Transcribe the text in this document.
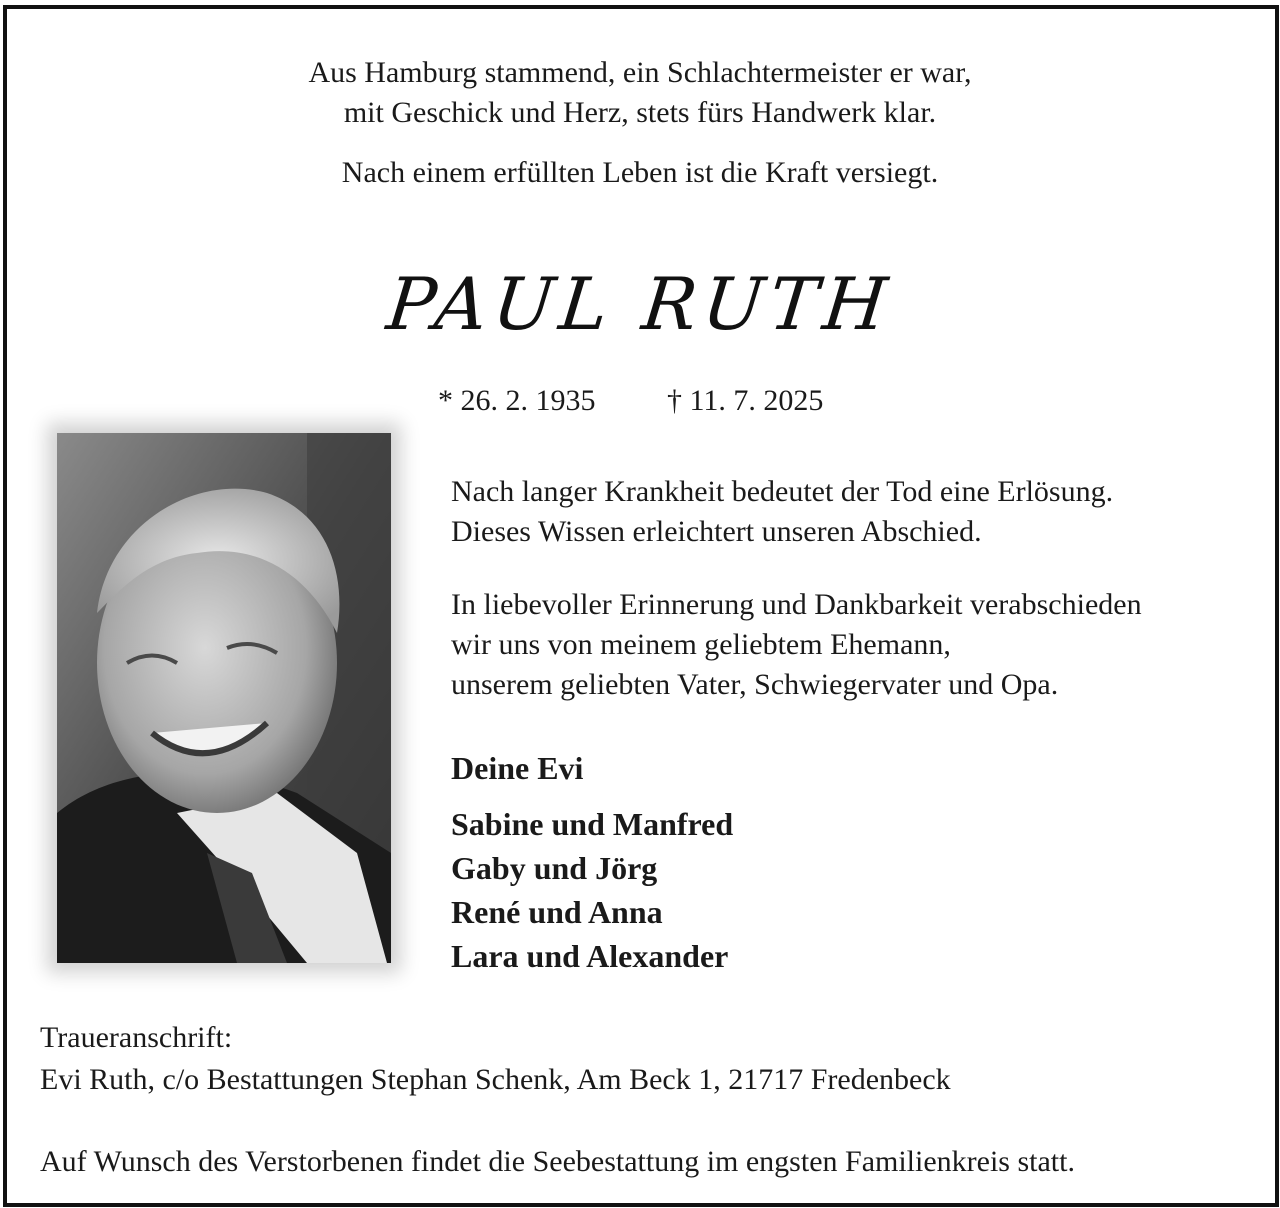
Aus Hamburg stammend, ein Schlachtermeister er war,
mit Geschick und Herz, stets fürs Handwerk klar.
Nach einem erfüllten Leben ist die Kraft versiegt.
PAUL RUTH
* 26. 2. 1935 † 11. 7. 2025
Nach langer Krankheit bedeutet der Tod eine Erlösung.
Dieses Wissen erleichtert unseren Abschied.
In liebevoller Erinnerung und Dankbarkeit verabschieden
wir uns von meinem geliebtem Ehemann,
unserem geliebten Vater, Schwiegervater und Opa.
Deine Evi
Sabine und Manfred
Gaby und Jörg
René und Anna
Lara und Alexander
Traueranschrift:
Evi Ruth, c/o Bestattungen Stephan Schenk, Am Beck 1, 21717 Fredenbeck
Auf Wunsch des Verstorbenen findet die Seebestattung im engsten Familienkreis statt.
